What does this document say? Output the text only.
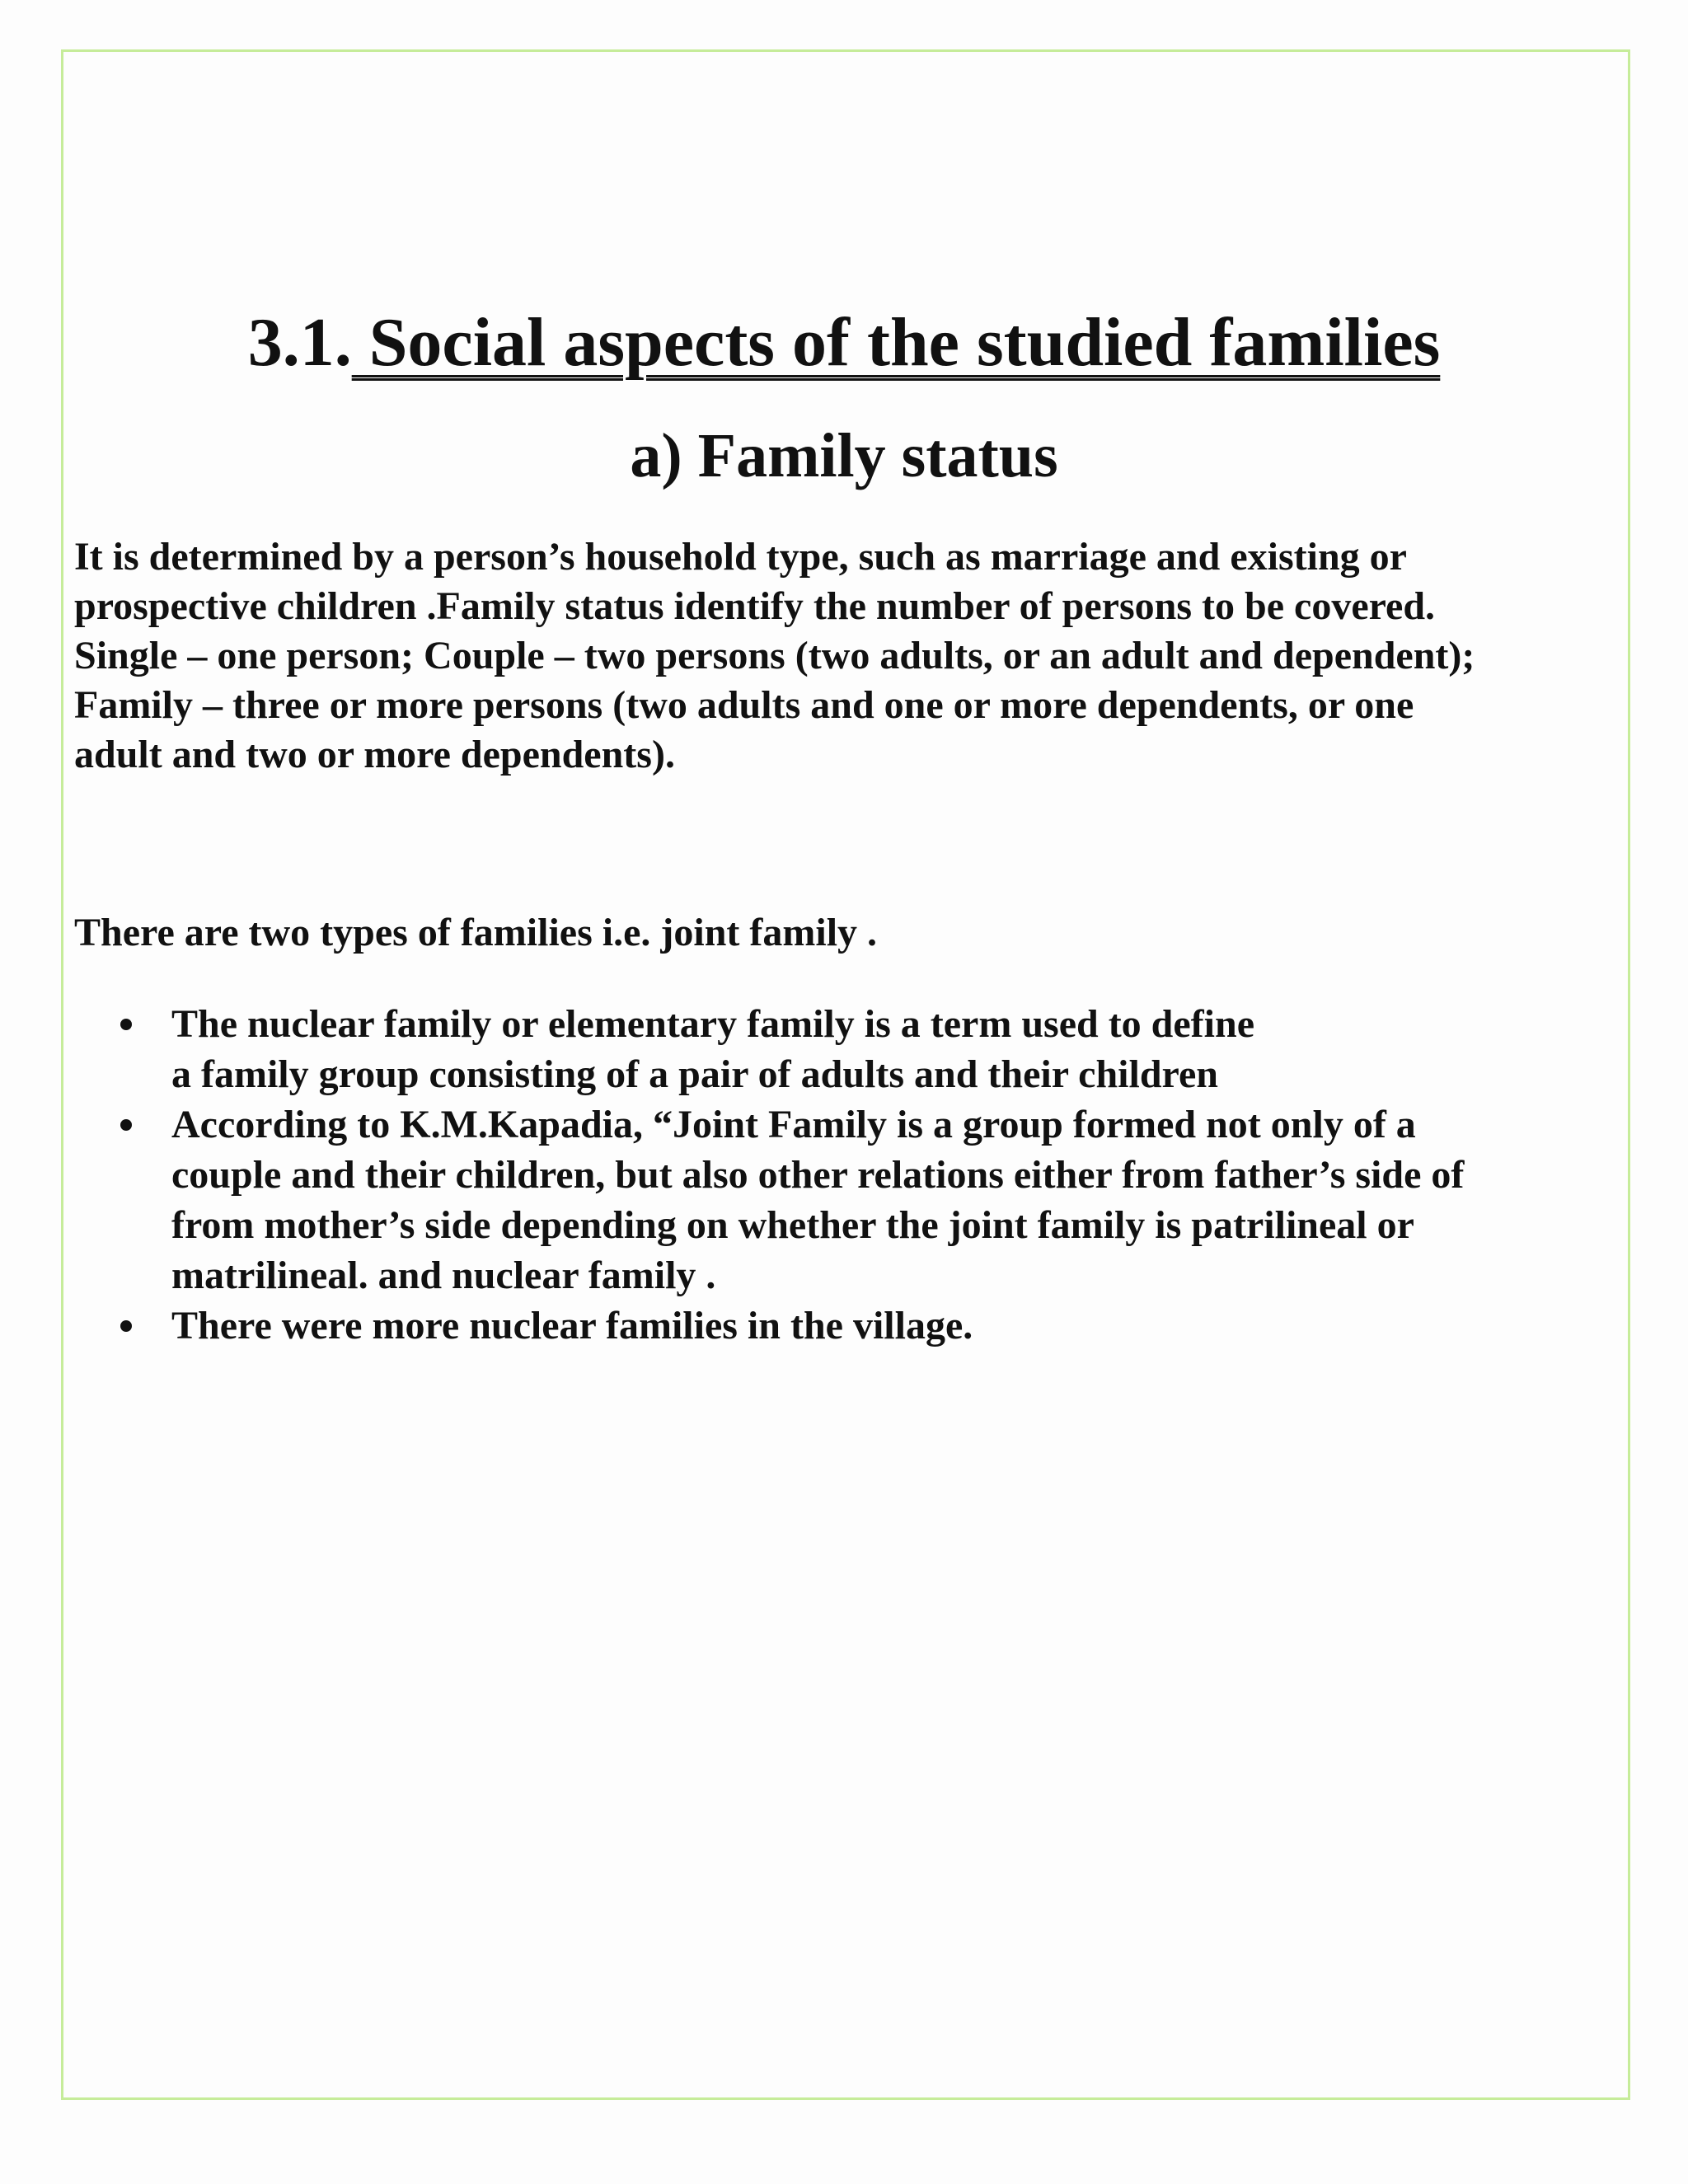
3.1. Social aspects of the studied families
a) Family status
It is determined by a person’s household type, such as marriage and existing or
prospective children .Family status identify the number of persons to be covered.
Single – one person; Couple – two persons (two adults, or an adult and dependent);
Family – three or more persons (two adults and one or more dependents, or one
adult and two or more dependents).
There are two types of families i.e. joint family .
The nuclear family or elementary family is a term used to define
a family group consisting of a pair of adults and their children
According to K.M.Kapadia, “Joint Family is a group formed not only of a
couple and their children, but also other relations either from father’s side of
from mother’s side depending on whether the joint family is patrilineal or
matrilineal. and nuclear family .
There were more nuclear families in the village.
